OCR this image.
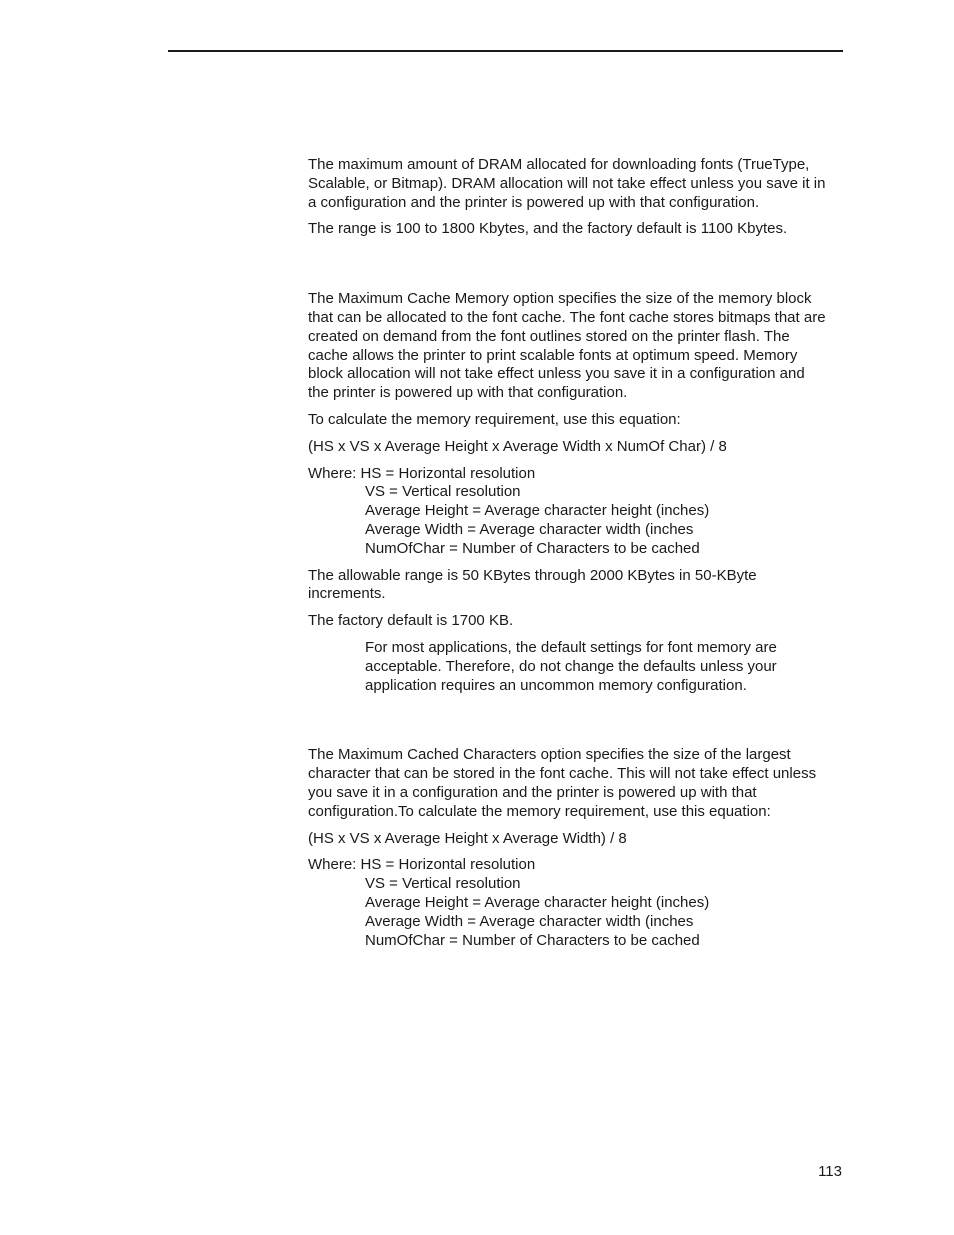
The maximum amount of DRAM allocated for downloading fonts (TrueType,
Scalable, or Bitmap). DRAM allocation will not take effect unless you save it in
a configuration and the printer is powered up with that configuration.

The range is 100 to 1800 Kbytes, and the factory default is 1100 Kbytes.

The Maximum Cache Memory option specifies the size of the memory block
that can be allocated to the font cache. The font cache stores bitmaps that are
created on demand from the font outlines stored on the printer flash. The
cache allows the printer to print scalable fonts at optimum speed. Memory
block allocation will not take effect unless you save it in a configuration and
the printer is powered up with that configuration.

To calculate the memory requirement, use this equation:

(HS x VS x Average Height x Average Width x NumOf Char) / 8

Where: HS = Horizontal resolution

VS = Vertical resolution

Average Height = Average character height (inches)

Average Width = Average character width (inches

NumOfChar = Number of Characters to be cached

The allowable range is 50 KBytes through 2000 KBytes in 50-KByte
increments.

The factory default is 1700 KB.

For most applications, the default settings for font memory are
acceptable. Therefore, do not change the defaults unless your
application requires an uncommon memory configuration.

The Maximum Cached Characters option specifies the size of the largest
character that can be stored in the font cache. This will not take effect unless
you save it in a configuration and the printer is powered up with that
configuration.To calculate the memory requirement, use this equation:

(HS x VS x Average Height x Average Width) / 8

Where: HS = Horizontal resolution

VS = Vertical resolution

Average Height = Average character height (inches)

Average Width = Average character width (inches

NumOfChar = Number of Characters to be cached

113
